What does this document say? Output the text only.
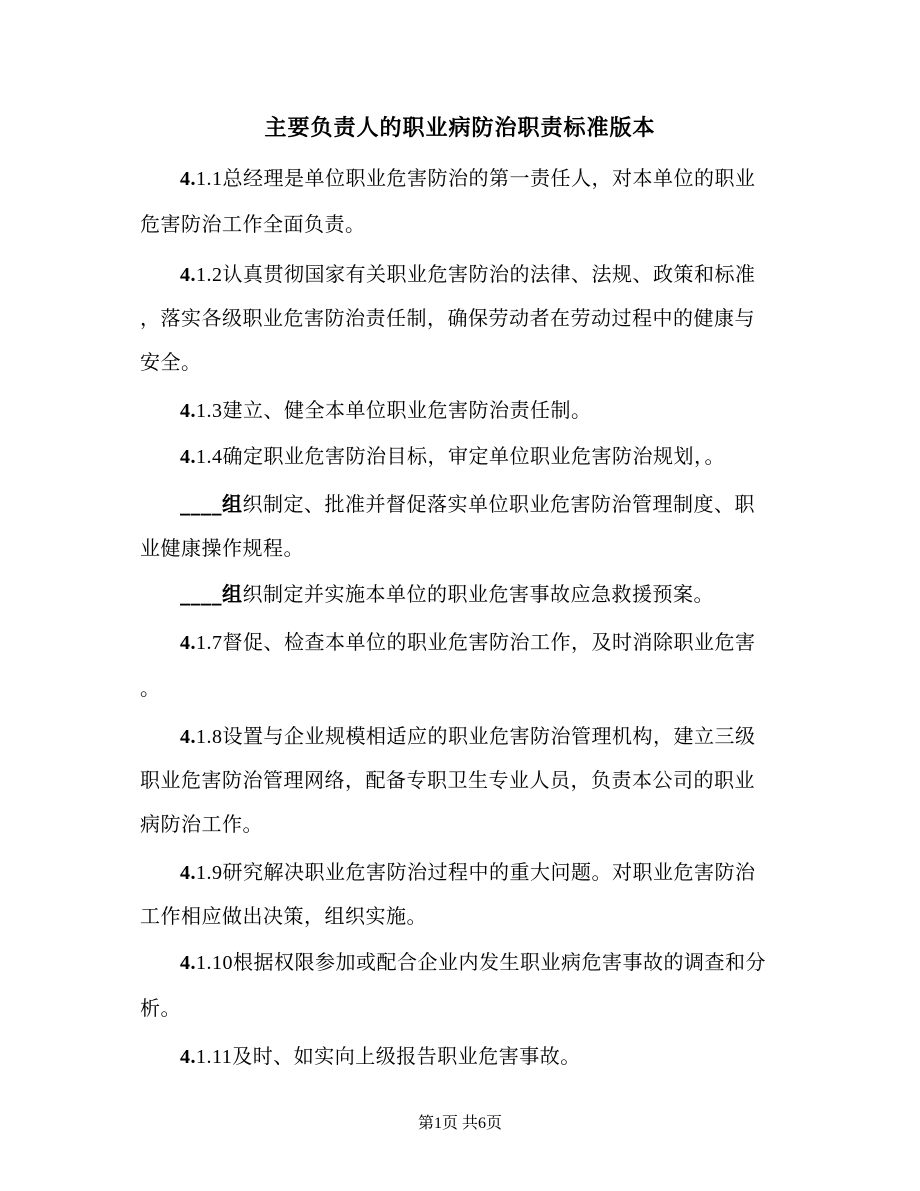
主要负责人的职业病防治职责标准版本
4.1.1总经理是单位职业危害防治的第一责任人，对本单位的职业
危害防治工作全面负责。
4.1.2认真贯彻国家有关职业危害防治的法律、法规、政策和标准
，落实各级职业危害防治责任制，确保劳动者在劳动过程中的健康与
安全。
4.1.3建立、健全本单位职业危害防治责任制。
4.1.4确定职业危害防治目标，审定单位职业危害防治规划，。
____组织制定、批准并督促落实单位职业危害防治管理制度、职
业健康操作规程。
____组织制定并实施本单位的职业危害事故应急救援预案。
4.1.7督促、检查本单位的职业危害防治工作，及时消除职业危害
。
4.1.8设置与企业规模相适应的职业危害防治管理机构，建立三级
职业危害防治管理网络，配备专职卫生专业人员，负责本公司的职业
病防治工作。
4.1.9研究解决职业危害防治过程中的重大问题。对职业危害防治
工作相应做出决策，组织实施。
4.1.10根据权限参加或配合企业内发生职业病危害事故的调查和分
析。
4.1.11及时、如实向上级报告职业危害事故。
第1页 共6页
